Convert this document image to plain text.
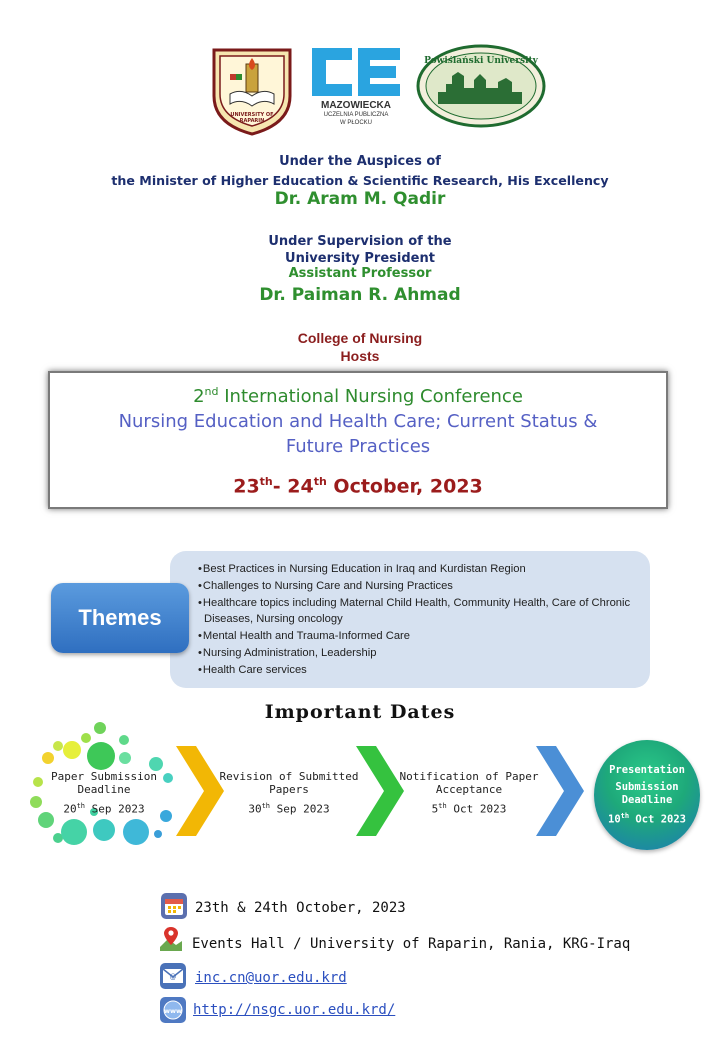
UNIVERSITY OF RAPARIN
MAZOWIECKA
UCZELNIA PUBLICZNA
W PŁOCKU
Powiślański University
Under the Auspices of
the Minister of Higher Education & Scientific Research, His Excellency
Dr. Aram M. Qadir
Under Supervision of the
University President
Assistant Professor
Dr. Paiman R. Ahmad
College of Nursing
Hosts
2nd International Nursing Conference
Nursing Education and Health Care; Current Status &
Future Practices
23th- 24th October, 2023
Themes
• Best Practices in Nursing Education in Iraq and Kurdistan Region
• Challenges to Nursing Care and Nursing Practices
• Healthcare topics including Maternal Child Health, Community Health, Care of Chronic Diseases, Nursing oncology
• Mental Health and Trauma-Informed Care
• Nursing Administration, Leadership
• Health Care services
Important Dates
Paper Submission
Deadline
20th Sep 2023
Revision of Submitted
Papers
30th Sep 2023
Notification of Paper
Acceptance
5th Oct 2023
Presentation
Submission
Deadline
10th Oct 2023
23th & 24th October, 2023
Events Hall / University of Raparin, Rania, KRG-Iraq
@ inc.cn@uor.edu.krd
www http://nsgc.uor.edu.krd/
